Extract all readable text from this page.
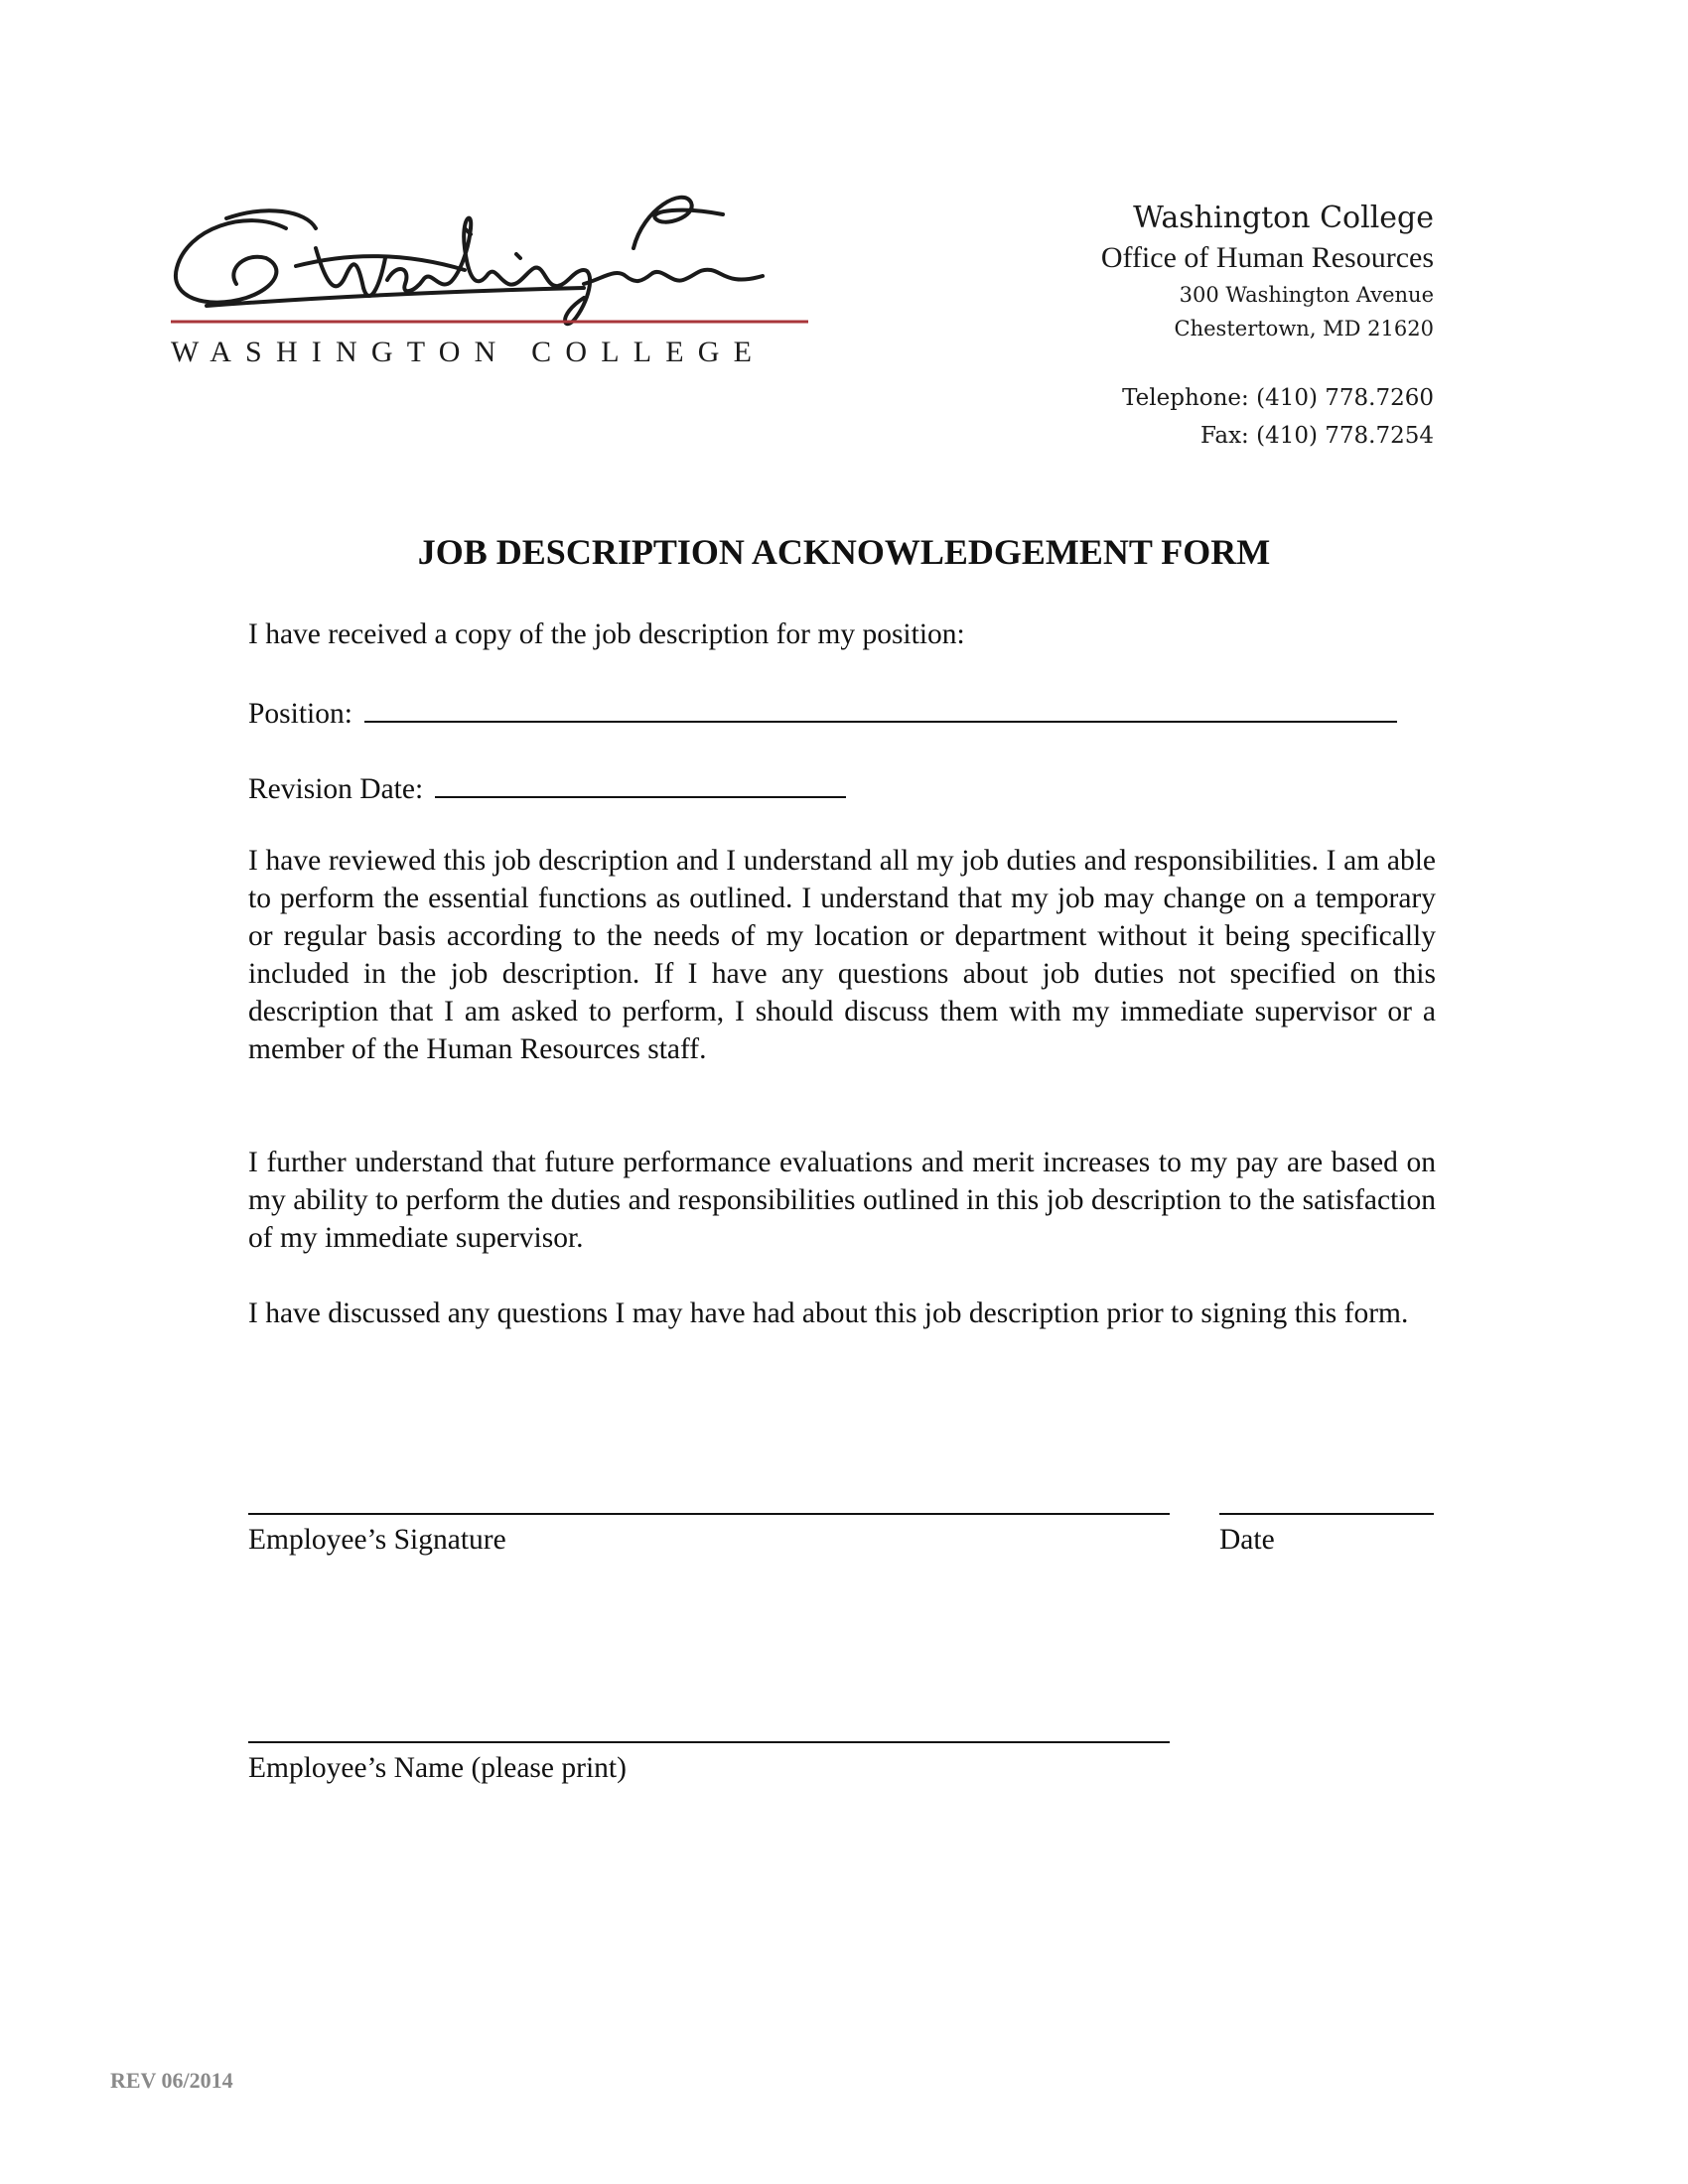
WASHINGTON COLLEGE
Washington College
Office of Human Resources
300 Washington Avenue
Chestertown, MD 21620
Telephone: (410) 778.7260
Fax: (410) 778.7254
JOB DESCRIPTION ACKNOWLEDGEMENT FORM
I have received a copy of the job description for my position:
Position:
Revision Date:
I have reviewed this job description and I understand all my job duties and responsibilities. I am able to perform the essential functions as outlined. I understand that my job may change on a temporary or regular basis according to the needs of my location or department without it being specifically included in the job description. If I have any questions about job duties not specified on this description that I am asked to perform, I should discuss them with my immediate supervisor or a member of the Human Resources staff.
I further understand that future performance evaluations and merit increases to my pay are based on my ability to perform the duties and responsibilities outlined in this job description to the satisfaction of my immediate supervisor.
I have discussed any questions I may have had about this job description prior to signing this form.
Employee’s Signature	Date
Employee’s Name (please print)
REV 06/2014
